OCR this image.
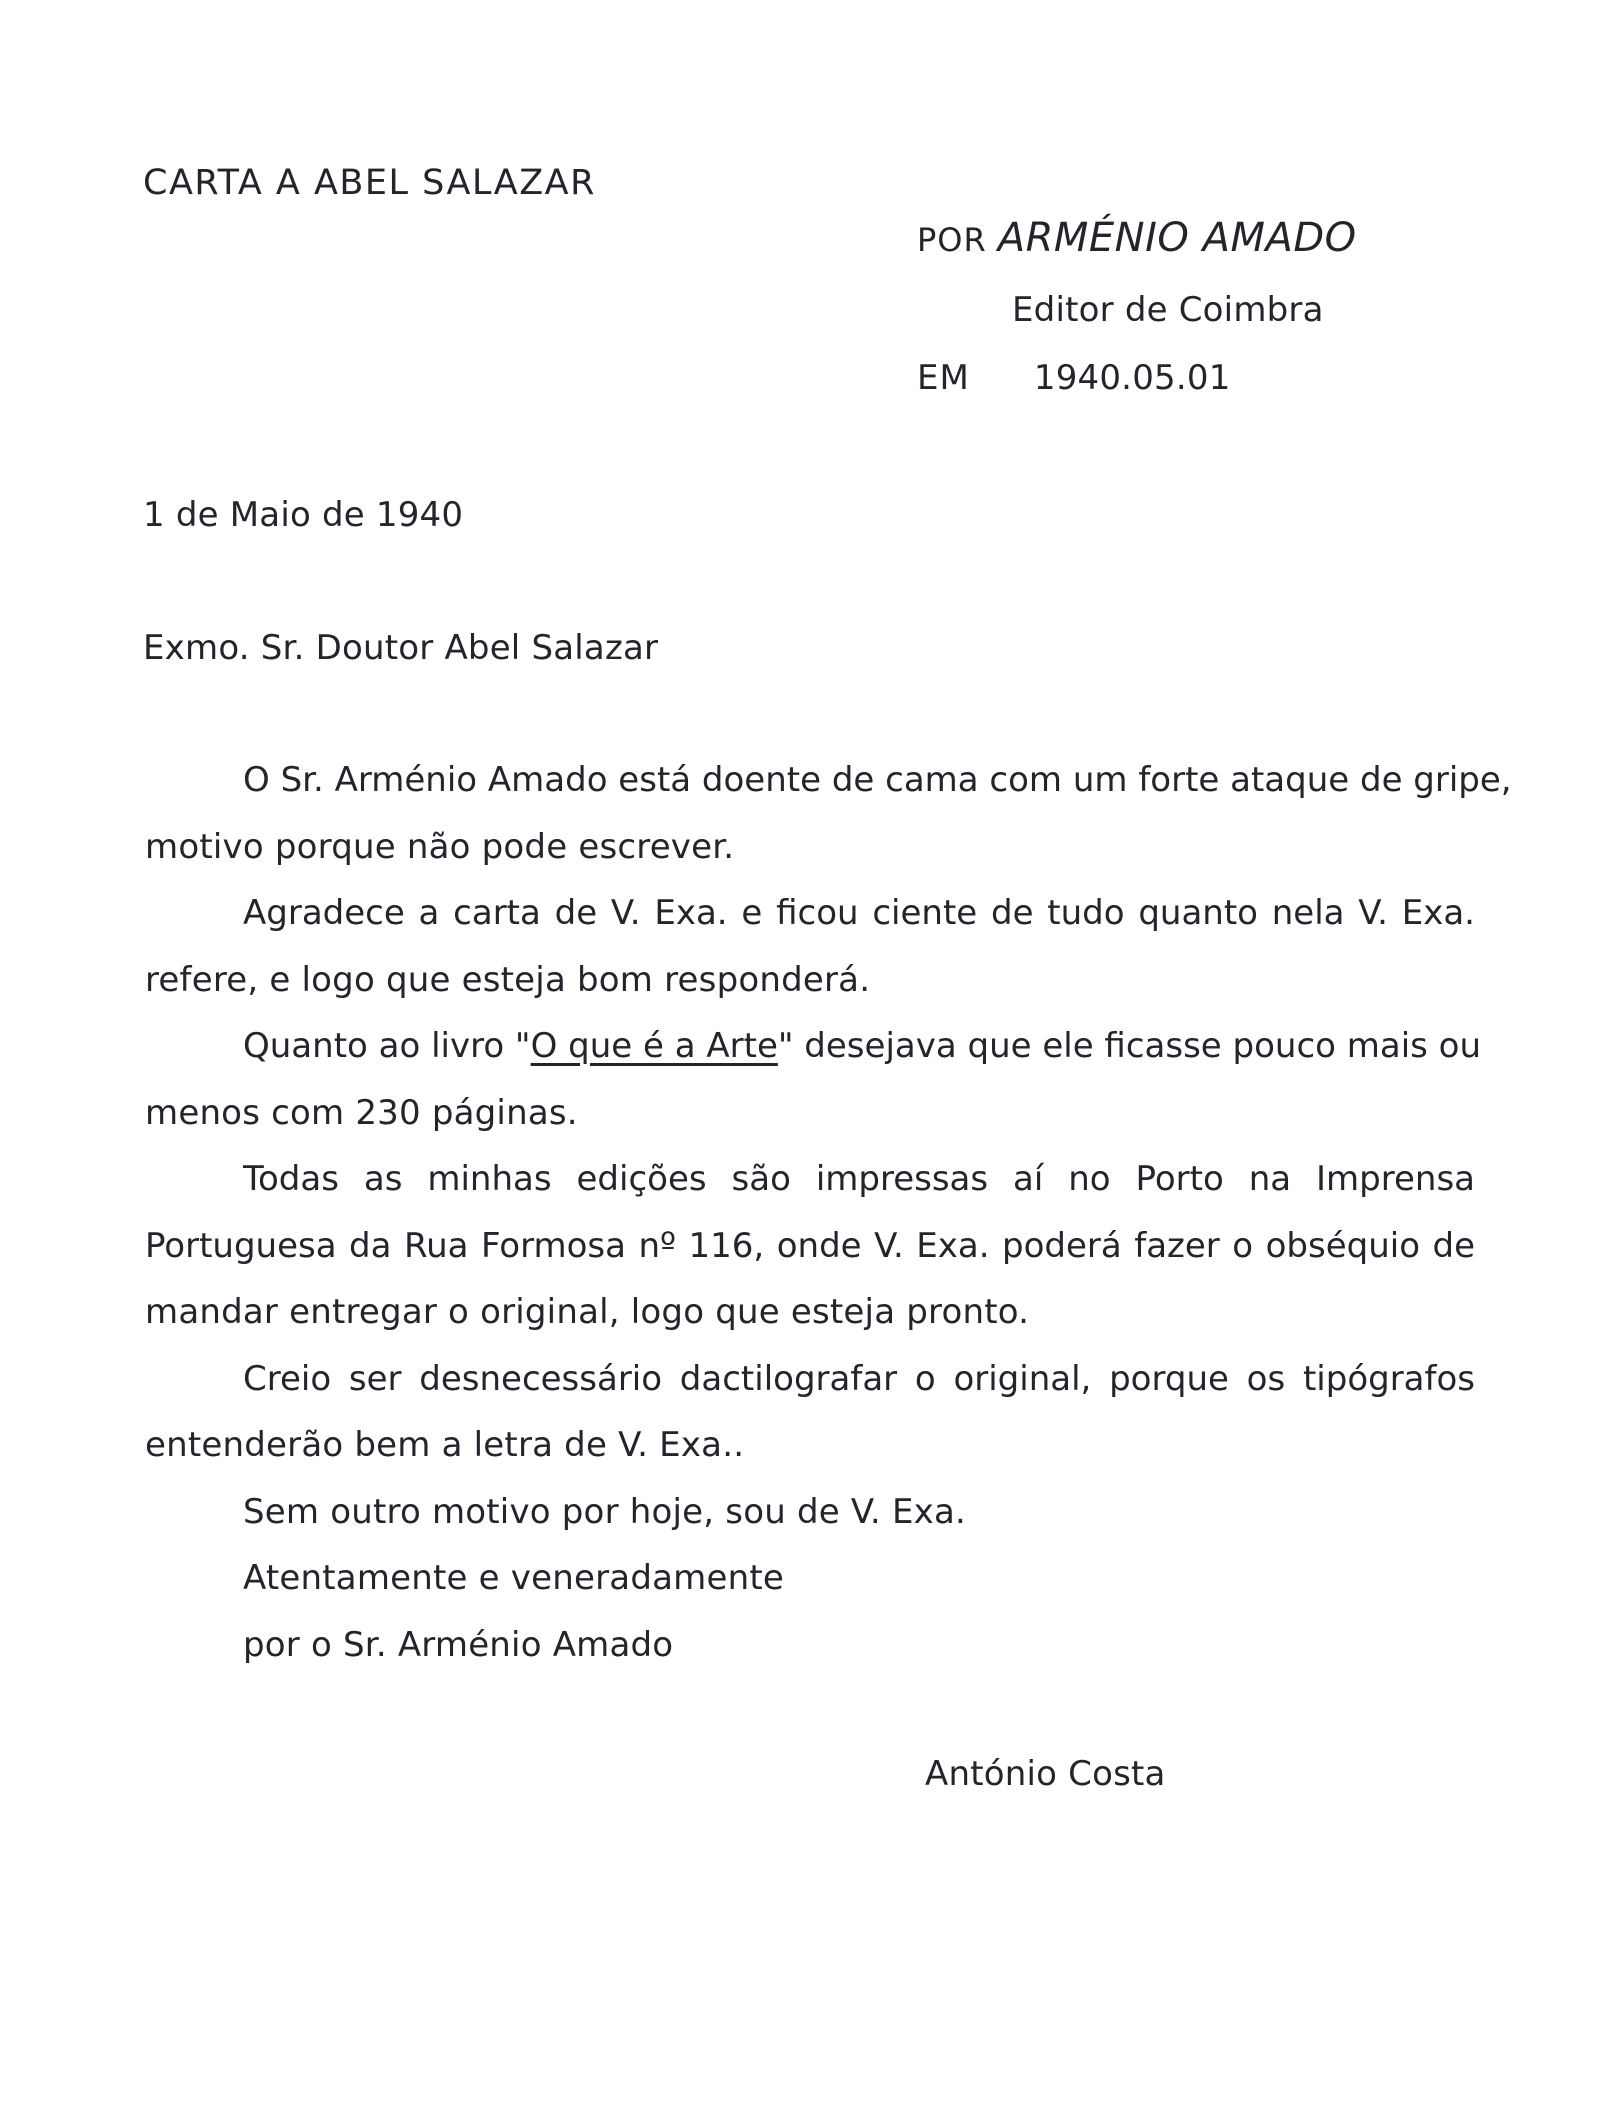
CARTA A ABEL SALAZAR
POR ARMÉNIO AMADO
Editor de Coimbra
EM 1940.05.01
1 de Maio de 1940
Exmo. Sr. Doutor Abel Salazar
O Sr. Arménio Amado está doente de cama com um forte ataque de gripe,
motivo porque não pode escrever.
Agradece a carta de V. Exa. e ficou ciente de tudo quanto nela V. Exa.
refere, e logo que esteja bom responderá.
Quanto ao livro "O que é a Arte" desejava que ele ficasse pouco mais ou
menos com 230 páginas.
Todas as minhas edições são impressas aí no Porto na Imprensa
Portuguesa da Rua Formosa nº 116, onde V. Exa. poderá fazer o obséquio de
mandar entregar o original, logo que esteja pronto.
Creio ser desnecessário dactilografar o original, porque os tipógrafos
entenderão bem a letra de V. Exa..
Sem outro motivo por hoje, sou de V. Exa.
Atentamente e veneradamente
por o Sr. Arménio Amado
António Costa
